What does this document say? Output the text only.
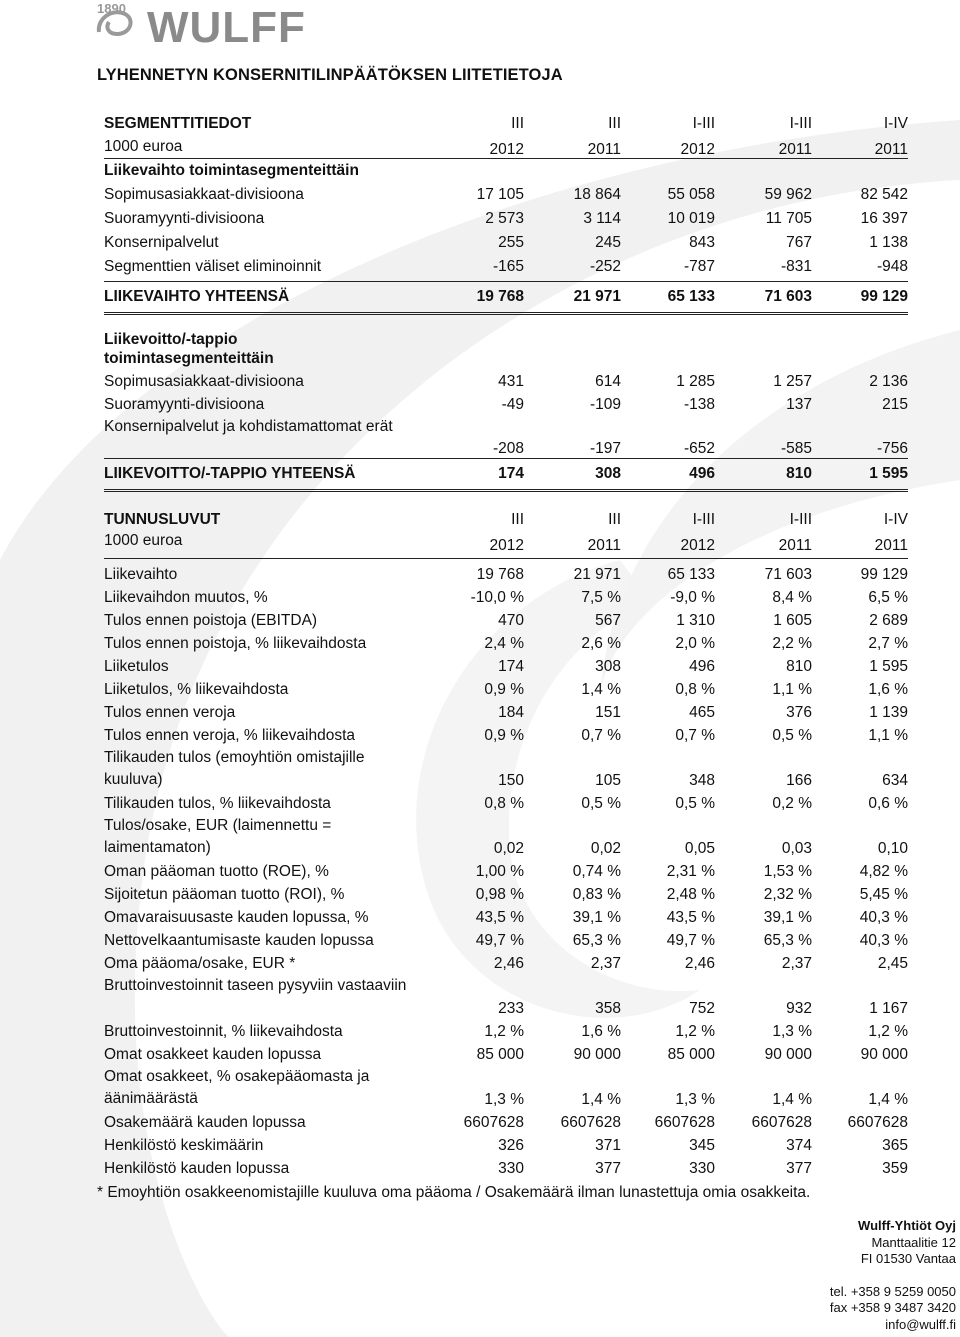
1890 WULFF
LYHENNETYN KONSERNITILINPÄÄTÖKSEN LIITETIETOJA
SEGMENTTITIEDOT	III	III	I-III	I-III	I-IV
1000 euroa	2012	2011	2012	2011	2011
Liikevaihto toimintasegmenteittäin
Sopimusasiakkaat-divisioona	17 105	18 864	55 058	59 962	82 542
Suoramyynti-divisioona	2 573	3 114	10 019	11 705	16 397
Konsernipalvelut	255	245	843	767	1 138
Segmenttien väliset eliminoinnit	-165	-252	-787	-831	-948
LIIKEVAIHTO YHTEENSÄ	19 768	21 971	65 133	71 603	99 129
Liikevoitto/-tappio toimintasegmenteittäin
Sopimusasiakkaat-divisioona	431	614	1 285	1 257	2 136
Suoramyynti-divisioona	-49	-109	-138	137	215
Konsernipalvelut ja kohdistamattomat erät
-208	-197	-652	-585	-756
LIIKEVOITTO/-TAPPIO YHTEENSÄ	174	308	496	810	1 595
TUNNUSLUVUT	III	III	I-III	I-III	I-IV
1000 euroa	2012	2011	2012	2011	2011
Liikevaihto	19 768	21 971	65 133	71 603	99 129
Liikevaihdon muutos, %	-10,0 %	7,5 %	-9,0 %	8,4 %	6,5 %
Tulos ennen poistoja (EBITDA)	470	567	1 310	1 605	2 689
Tulos ennen poistoja, % liikevaihdosta	2,4 %	2,6 %	2,0 %	2,2 %	2,7 %
Liiketulos	174	308	496	810	1 595
Liiketulos, % liikevaihdosta	0,9 %	1,4 %	0,8 %	1,1 %	1,6 %
Tulos ennen veroja	184	151	465	376	1 139
Tulos ennen veroja, % liikevaihdosta	0,9 %	0,7 %	0,7 %	0,5 %	1,1 %
Tilikauden tulos (emoyhtiön omistajille kuuluva)	150	105	348	166	634
Tilikauden tulos, % liikevaihdosta	0,8 %	0,5 %	0,5 %	0,2 %	0,6 %
Tulos/osake, EUR (laimennettu = laimentamaton)	0,02	0,02	0,05	0,03	0,10
Oman pääoman tuotto (ROE), %	1,00 %	0,74 %	2,31 %	1,53 %	4,82 %
Sijoitetun pääoman tuotto (ROI), %	0,98 %	0,83 %	2,48 %	2,32 %	5,45 %
Omavaraisuusaste kauden lopussa, %	43,5 %	39,1 %	43,5 %	39,1 %	40,3 %
Nettovelkaantumisaste kauden lopussa	49,7 %	65,3 %	49,7 %	65,3 %	40,3 %
Oma pääoma/osake, EUR *	2,46	2,37	2,46	2,37	2,45
Bruttoinvestoinnit taseen pysyviin vastaaviin
233	358	752	932	1 167
Bruttoinvestoinnit, % liikevaihdosta	1,2 %	1,6 %	1,2 %	1,3 %	1,2 %
Omat osakkeet kauden lopussa	85 000	90 000	85 000	90 000	90 000
Omat osakkeet, % osakepääomasta ja äänimäärästä	1,3 %	1,4 %	1,3 %	1,4 %	1,4 %
Osakemäärä kauden lopussa	6607628	6607628	6607628	6607628	6607628
Henkilöstö keskimäärin	326	371	345	374	365
Henkilöstö kauden lopussa	330	377	330	377	359
* Emoyhtiön osakkeenomistajille kuuluva oma pääoma / Osakemäärä ilman lunastettuja omia osakkeita.
Wulff-Yhtiöt Oyj
Manttaalitie 12
FI 01530 Vantaa
tel. +358 9 5259 0050
fax +358 9 3487 3420
info@wulff.fi
